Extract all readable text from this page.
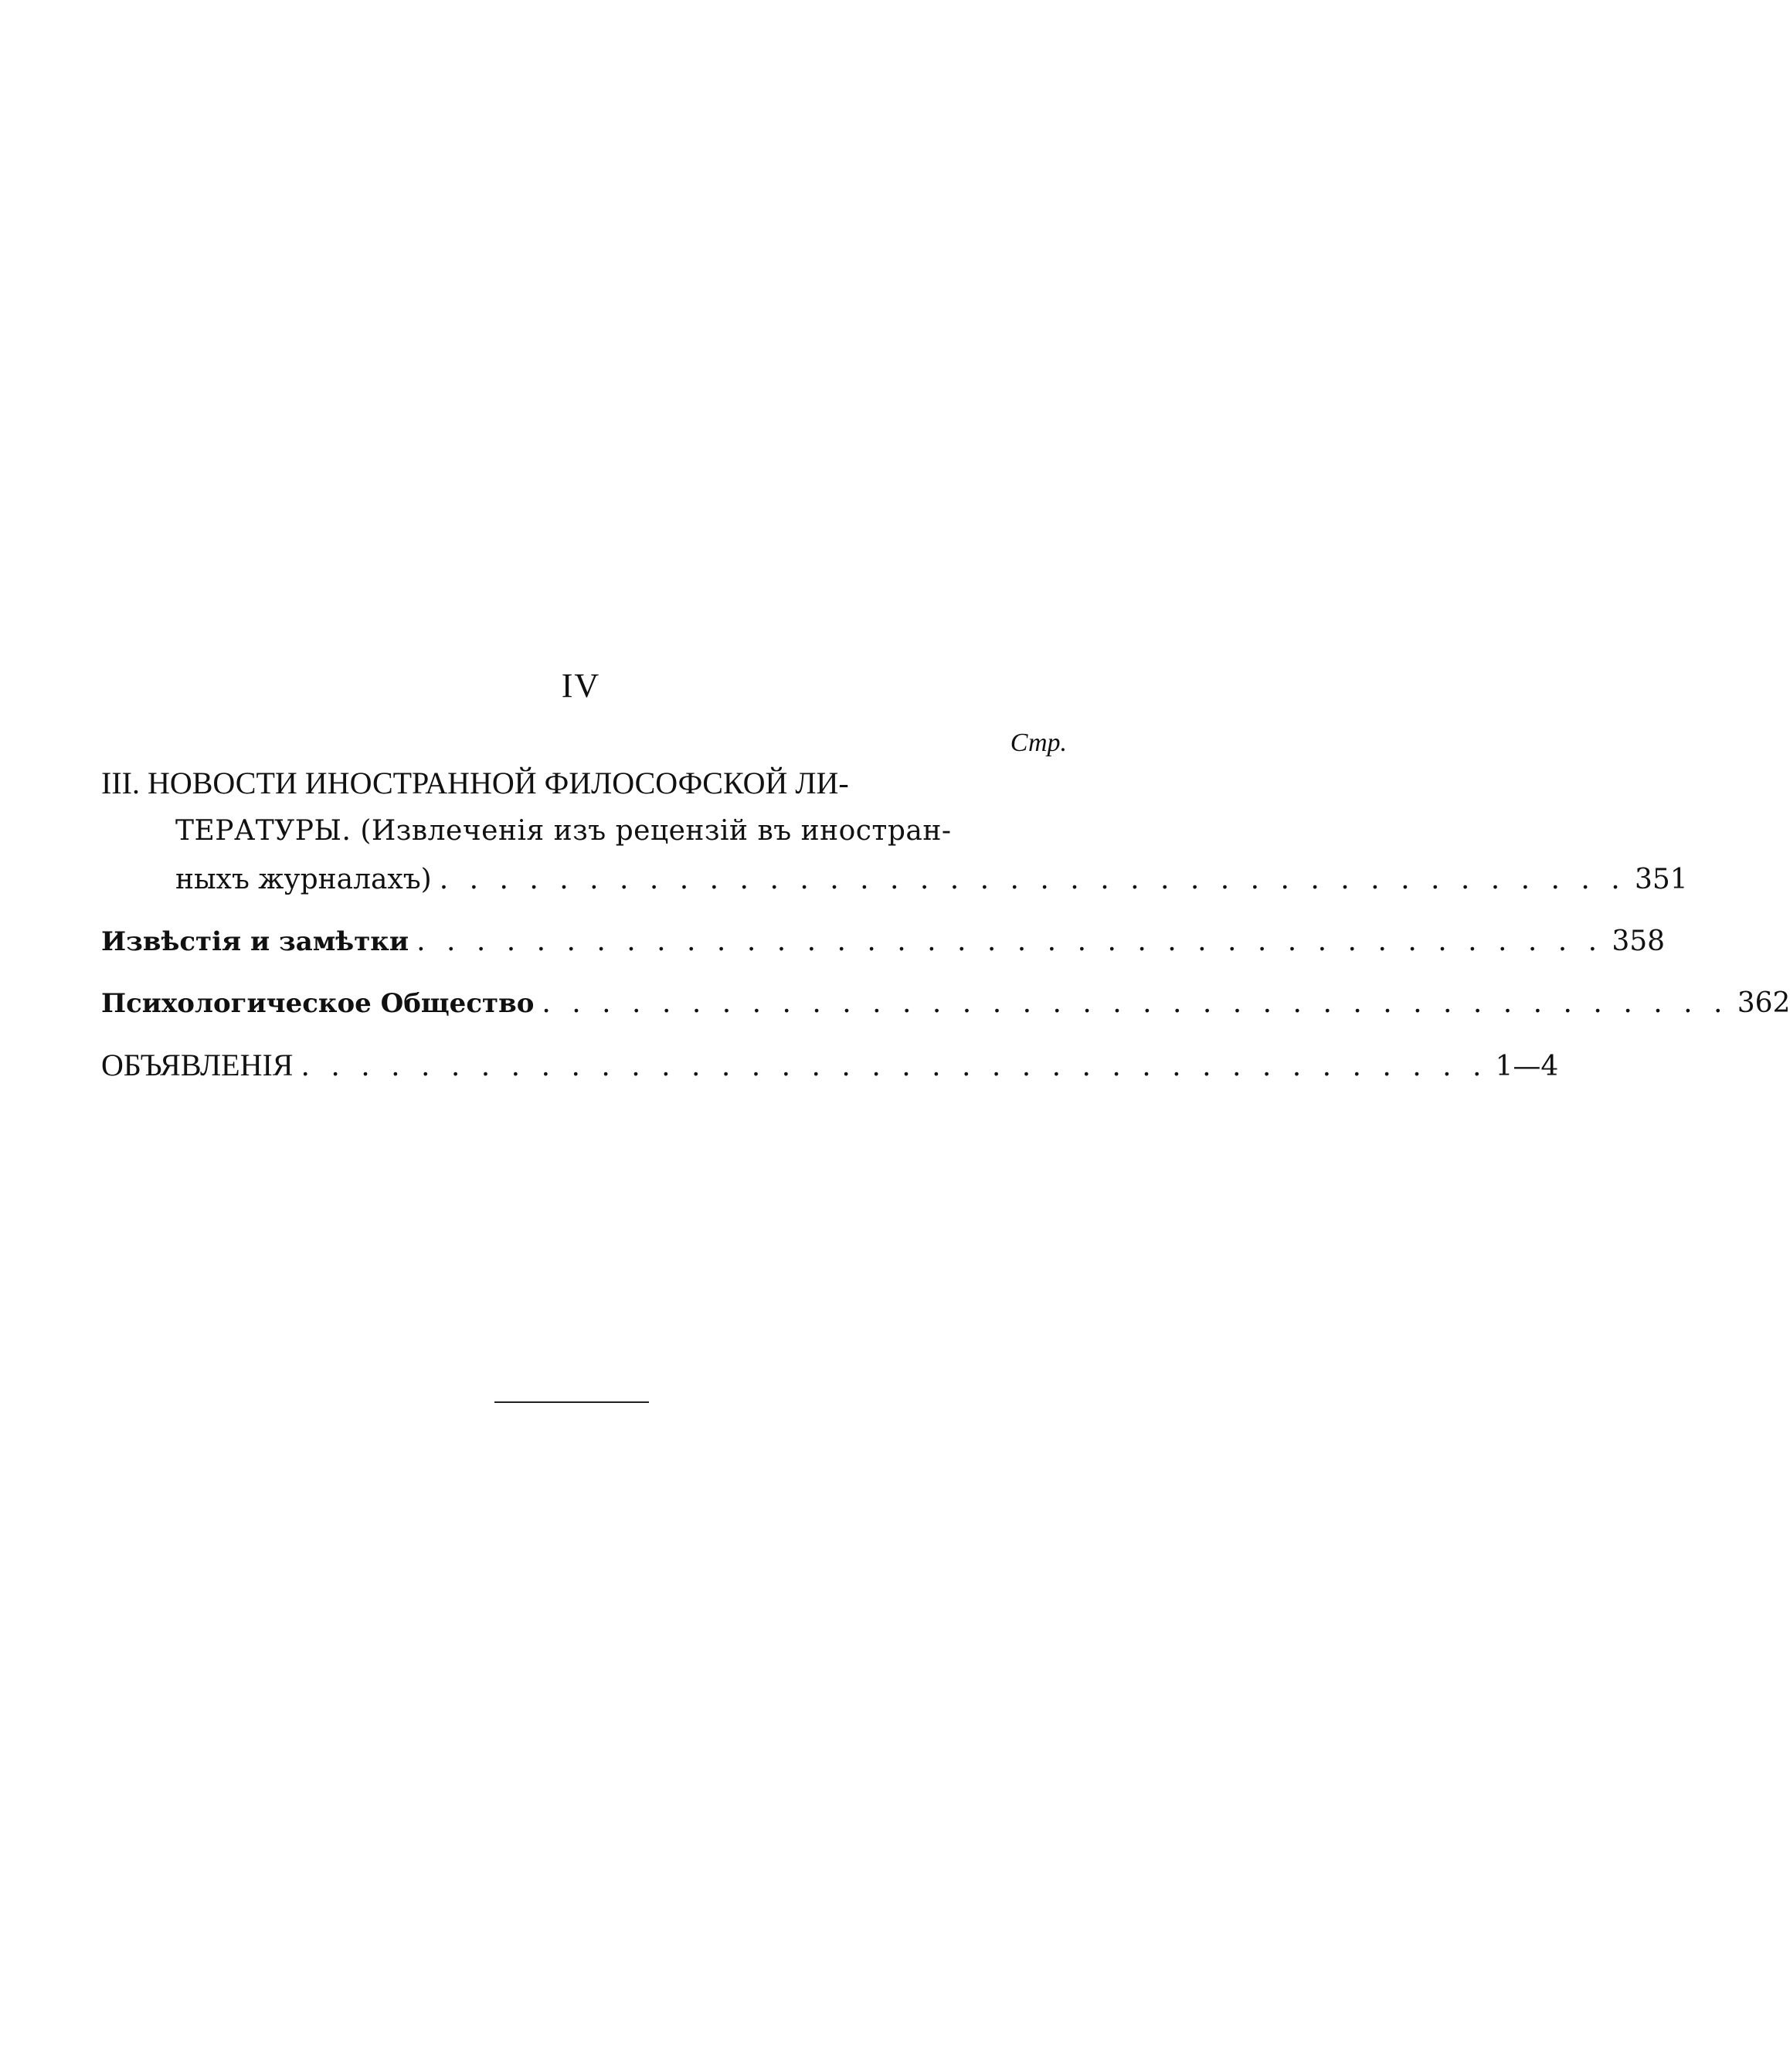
IV
Стр.
III. НОВОСТИ ИНОСТРАННОЙ ФИЛОСОФСКОЙ ЛИ-
ТЕРАТУРЫ. (Извлеченія изъ рецензій въ иностран-
ныхъ журналахъ) . . . . . . . . . . . . . . . . . . . . . . . . . . . . . . . . . . . . . . . . 351
Извѣстія и замѣтки . . . . . . . . . . . . . . . . . . . . . . . . . . . . . . . . . . . . . . . . 358
Психологическое Общество . . . . . . . . . . . . . . . . . . . . . . . . . . . . . . . . . . . . . . . . 362
ОБЪЯВЛЕНІЯ . . . . . . . . . . . . . . . . . . . . . . . . . . . . . . . . . . . . . . . . 1—4
